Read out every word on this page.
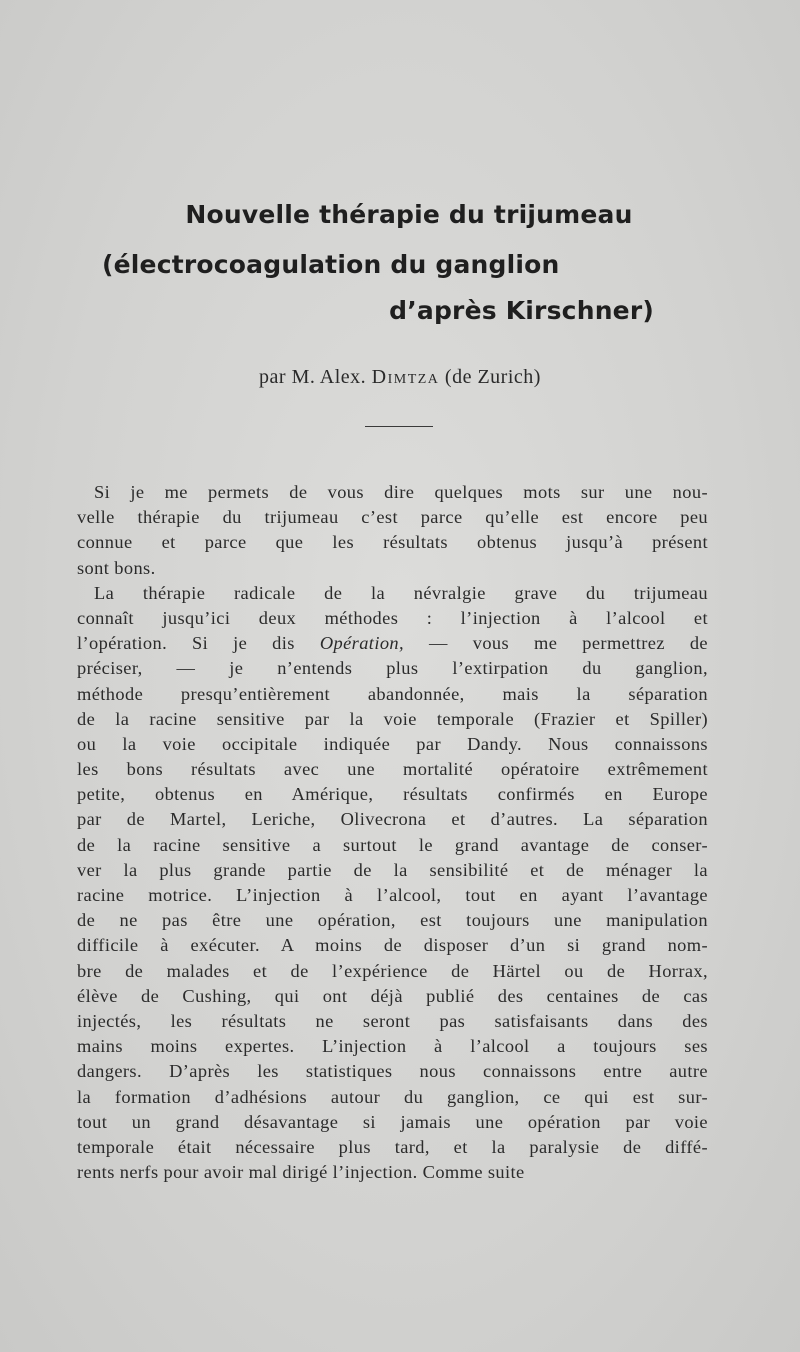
Nouvelle thérapie du trijumeau
(électrocoagulation du ganglion
d’après Kirschner)
par M. Alex. Dimtza (de Zurich)
Si je me permets de vous dire quelques mots sur une nou-
velle thérapie du trijumeau c’est parce qu’elle est encore peu
connue et parce que les résultats obtenus jusqu’à présent
sont bons.
La thérapie radicale de la névralgie grave du trijumeau
connaît jusqu’ici deux méthodes : l’injection à l’alcool et
l’opération. Si je dis Opération, — vous me permettrez de
préciser, — je n’entends plus l’extirpation du ganglion,
méthode presqu’entièrement abandonnée, mais la séparation
de la racine sensitive par la voie temporale (Frazier et Spiller)
ou la voie occipitale indiquée par Dandy. Nous connaissons
les bons résultats avec une mortalité opératoire extrêmement
petite, obtenus en Amérique, résultats confirmés en Europe
par de Martel, Leriche, Olivecrona et d’autres. La séparation
de la racine sensitive a surtout le grand avantage de conser-
ver la plus grande partie de la sensibilité et de ménager la
racine motrice. L’injection à l’alcool, tout en ayant l’avantage
de ne pas être une opération, est toujours une manipulation
difficile à exécuter. A moins de disposer d’un si grand nom-
bre de malades et de l’expérience de Härtel ou de Horrax,
élève de Cushing, qui ont déjà publié des centaines de cas
injectés, les résultats ne seront pas satisfaisants dans des
mains moins expertes. L’injection à l’alcool a toujours ses
dangers. D’après les statistiques nous connaissons entre autre
la formation d’adhésions autour du ganglion, ce qui est sur-
tout un grand désavantage si jamais une opération par voie
temporale était nécessaire plus tard, et la paralysie de diffé-
rents nerfs pour avoir mal dirigé l’injection. Comme suite
